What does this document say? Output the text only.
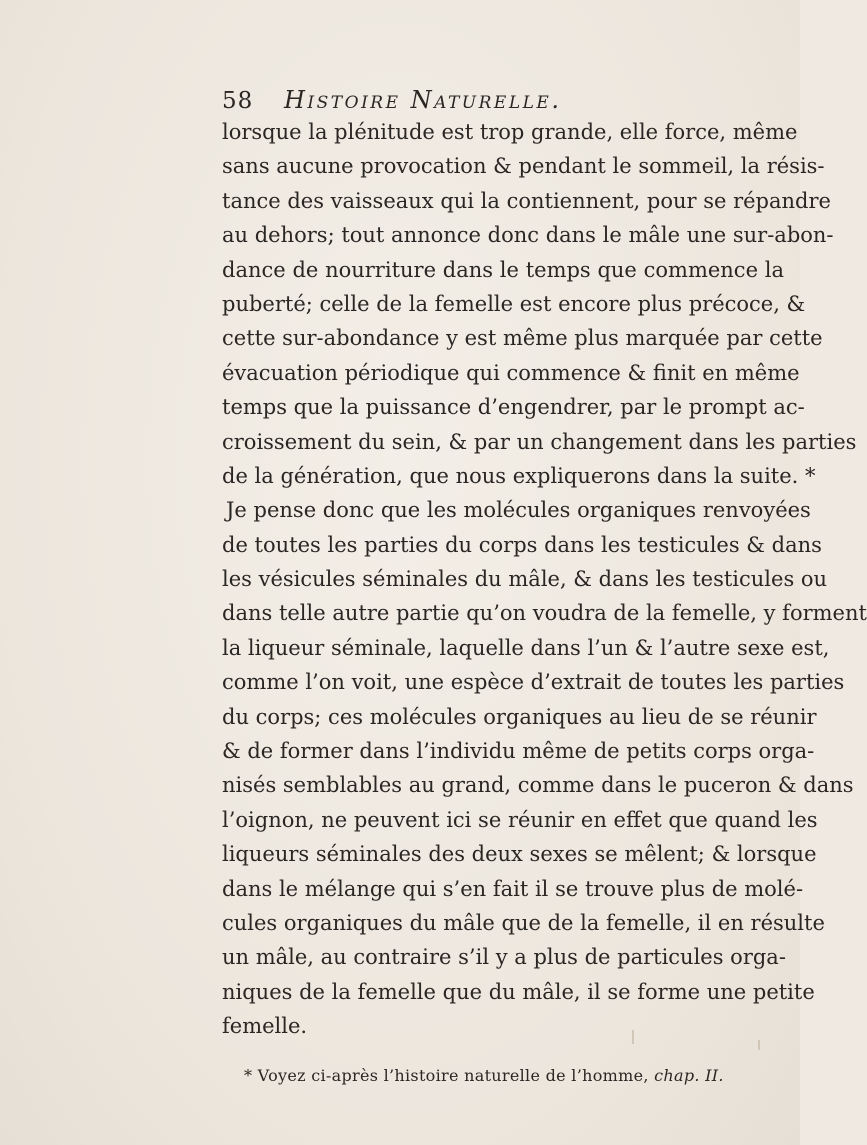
58 Histoire Naturelle.
lorsque la plénitude est trop grande, elle force, même
sans aucune provocation & pendant le sommeil, la résis-
tance des vaisseaux qui la contiennent, pour se répandre
au dehors; tout annonce donc dans le mâle une sur-abon-
dance de nourriture dans le temps que commence la
puberté; celle de la femelle est encore plus précoce, &
cette sur-abondance y est même plus marquée par cette
évacuation périodique qui commence & finit en même
temps que la puissance d’engendrer, par le prompt ac-
croissement du sein, & par un changement dans les parties
de la génération, que nous expliquerons dans la suite. *
Je pense donc que les molécules organiques renvoyées
de toutes les parties du corps dans les testicules & dans
les vésicules séminales du mâle, & dans les testicules ou
dans telle autre partie qu’on voudra de la femelle, y forment
la liqueur séminale, laquelle dans l’un & l’autre sexe est,
comme l’on voit, une espèce d’extrait de toutes les parties
du corps; ces molécules organiques au lieu de se réunir
& de former dans l’individu même de petits corps orga-
nisés semblables au grand, comme dans le puceron & dans
l’oignon, ne peuvent ici se réunir en effet que quand les
liqueurs séminales des deux sexes se mêlent; & lorsque
dans le mélange qui s’en fait il se trouve plus de molé-
cules organiques du mâle que de la femelle, il en résulte
un mâle, au contraire s’il y a plus de particules orga-
niques de la femelle que du mâle, il se forme une petite
femelle.
* Voyez ci-après l’histoire naturelle de l’homme, chap. II.
